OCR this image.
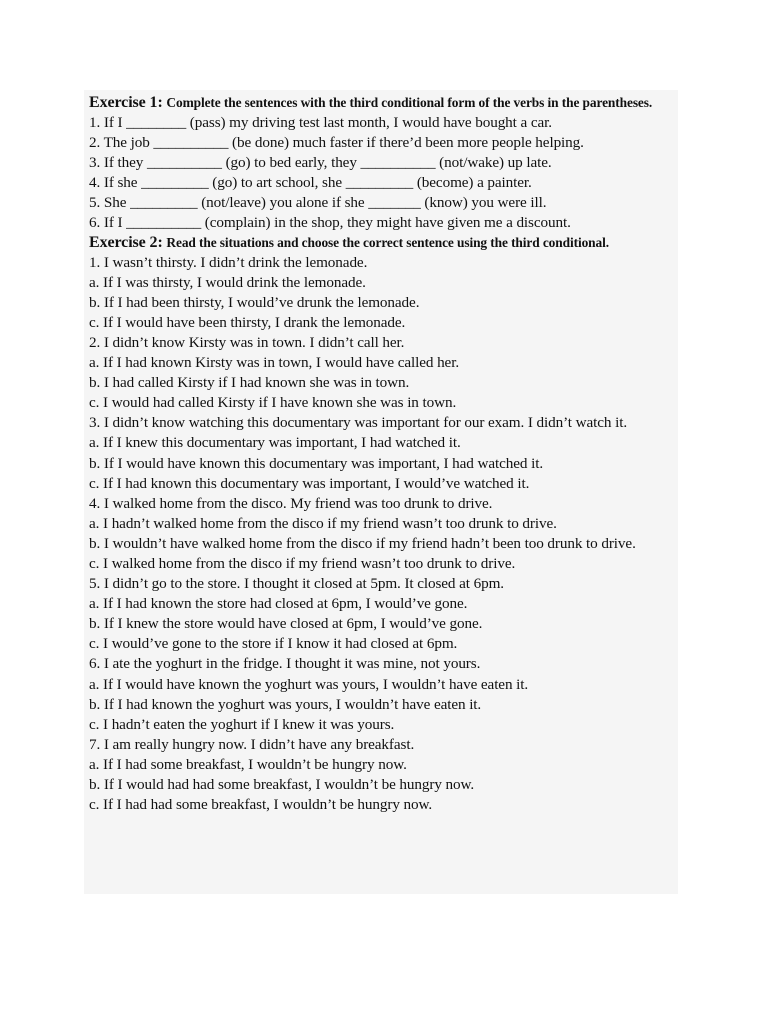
Exercise 1: Complete the sentences with the third conditional form of the verbs in the parentheses.
1. If I ________ (pass) my driving test last month, I would have bought a car.
2. The job __________ (be done) much faster if there’d been more people helping.
3. If they __________ (go) to bed early, they __________ (not/wake) up late.
4. If she _________ (go) to art school, she _________ (become) a painter.
5. She _________ (not/leave) you alone if she _______ (know) you were ill.
6. If I __________ (complain) in the shop, they might have given me a discount.
Exercise 2: Read the situations and choose the correct sentence using the third conditional.
1. I wasn’t thirsty. I didn’t drink the lemonade.
a. If I was thirsty, I would drink the lemonade.
b. If I had been thirsty, I would’ve drunk the lemonade.
c. If I would have been thirsty, I drank the lemonade.
2. I didn’t know Kirsty was in town. I didn’t call her.
a. If I had known Kirsty was in town, I would have called her.
b. I had called Kirsty if I had known she was in town.
c. I would had called Kirsty if I have known she was in town.
3. I didn’t know watching this documentary was important for our exam. I didn’t watch it.
a. If I knew this documentary was important, I had watched it.
b. If I would have known this documentary was important, I had watched it.
c. If I had known this documentary was important, I would’ve watched it.
4. I walked home from the disco. My friend was too drunk to drive.
a. I hadn’t walked home from the disco if my friend wasn’t too drunk to drive.
b. I wouldn’t have walked home from the disco if my friend hadn’t been too drunk to drive.
c. I walked home from the disco if my friend wasn’t too drunk to drive.
5. I didn’t go to the store. I thought it closed at 5pm. It closed at 6pm.
a. If I had known the store had closed at 6pm, I would’ve gone.
b. If I knew the store would have closed at 6pm, I would’ve gone.
c. I would’ve gone to the store if I know it had closed at 6pm.
6. I ate the yoghurt in the fridge. I thought it was mine, not yours.
a. If I would have known the yoghurt was yours, I wouldn’t have eaten it.
b. If I had known the yoghurt was yours, I wouldn’t have eaten it.
c. I hadn’t eaten the yoghurt if I knew it was yours.
7. I am really hungry now. I didn’t have any breakfast.
a. If I had some breakfast, I wouldn’t be hungry now.
b. If I would had had some breakfast, I wouldn’t be hungry now.
c. If I had had some breakfast, I wouldn’t be hungry now.
